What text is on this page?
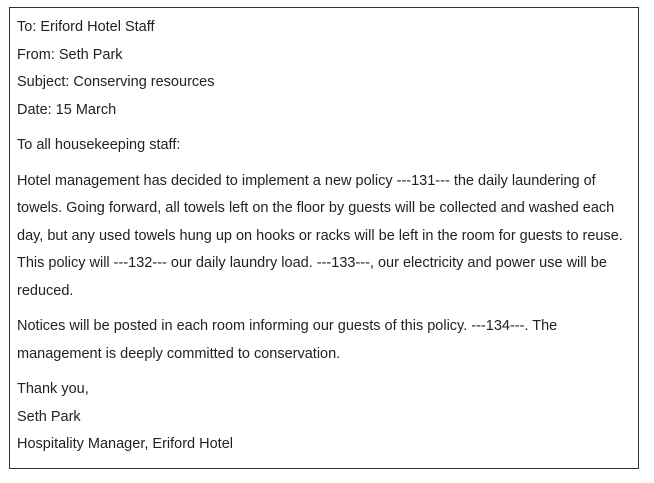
To: Eriford Hotel Staff

From: Seth Park

Subject: Conserving resources

Date: 15 March

To all housekeeping staff:

Hotel management has decided to implement a new policy ---131--- the daily laundering of towels. Going forward, all towels left on the floor by guests will be collected and washed each day, but any used towels hung up on hooks or racks will be left in the room for guests to reuse. This policy will ---132--- our daily laundry load. ---133---, our electricity and power use will be reduced.

Notices will be posted in each room informing our guests of this policy. ---134---. The management is deeply committed to conservation.

Thank you,

Seth Park

Hospitality Manager, Eriford Hotel
